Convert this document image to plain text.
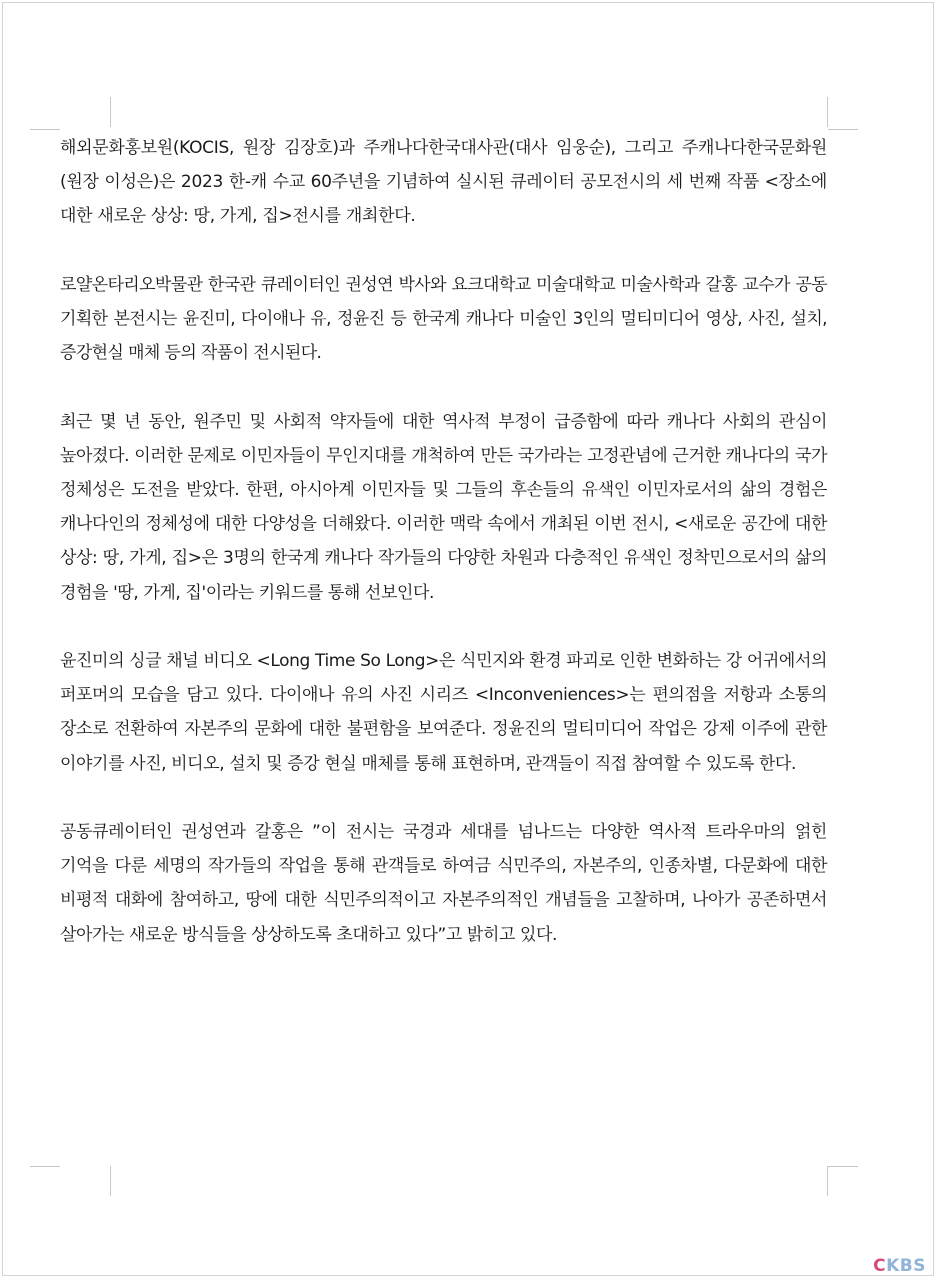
해외문화홍보원(KOCIS, 원장 김장호)과 주캐나다한국대사관(대사 임웅순), 그리고 주캐나다한국문화원(원장 이성은)은 2023 한-캐 수교 60주년을 기념하여 실시된 큐레이터 공모전시의 세 번째 작품 <장소에 대한 새로운 상상: 땅, 가게, 집>전시를 개최한다.

로얄온타리오박물관 한국관 큐레이터인 권성연 박사와 요크대학교 미술대학교 미술사학과 갈홍 교수가 공동 기획한 본전시는 윤진미, 다이애나 유, 정윤진 등 한국계 캐나다 미술인 3인의 멀티미디어 영상, 사진, 설치, 증강현실 매체 등의 작품이 전시된다.

최근 몇 년 동안, 원주민 및 사회적 약자들에 대한 역사적 부정이 급증함에 따라 캐나다 사회의 관심이 높아졌다. 이러한 문제로 이민자들이 무인지대를 개척하여 만든 국가라는 고정관념에 근거한 캐나다의 국가 정체성은 도전을 받았다. 한편, 아시아계 이민자들 및 그들의 후손들의 유색인 이민자로서의 삶의 경험은 캐나다인의 정체성에 대한 다양성을 더해왔다. 이러한 맥락 속에서 개최된 이번 전시, <새로운 공간에 대한 상상: 땅, 가게, 집>은 3명의 한국계 캐나다 작가들의 다양한 차원과 다층적인 유색인 정착민으로서의 삶의 경험을 '땅, 가게, 집'이라는 키워드를 통해 선보인다.

윤진미의 싱글 채널 비디오 <Long Time So Long>은 식민지와 환경 파괴로 인한 변화하는 강 어귀에서의 퍼포머의 모습을 담고 있다. 다이애나 유의 사진 시리즈 <Inconveniences>는 편의점을 저항과 소통의 장소로 전환하여 자본주의 문화에 대한 불편함을 보여준다. 정윤진의 멀티미디어 작업은 강제 이주에 관한 이야기를 사진, 비디오, 설치 및 증강 현실 매체를 통해 표현하며, 관객들이 직접 참여할 수 있도록 한다.

공동큐레이터인 권성연과 갈홍은 ”이 전시는 국경과 세대를 넘나드는 다양한 역사적 트라우마의 얽힌 기억을 다룬 세명의 작가들의 작업을 통해 관객들로 하여금 식민주의, 자본주의, 인종차별, 다문화에 대한 비평적 대화에 참여하고, 땅에 대한 식민주의적이고 자본주의적인 개념들을 고찰하며, 나아가 공존하면서 살아가는 새로운 방식들을 상상하도록 초대하고 있다”고 밝히고 있다.

CKBS
